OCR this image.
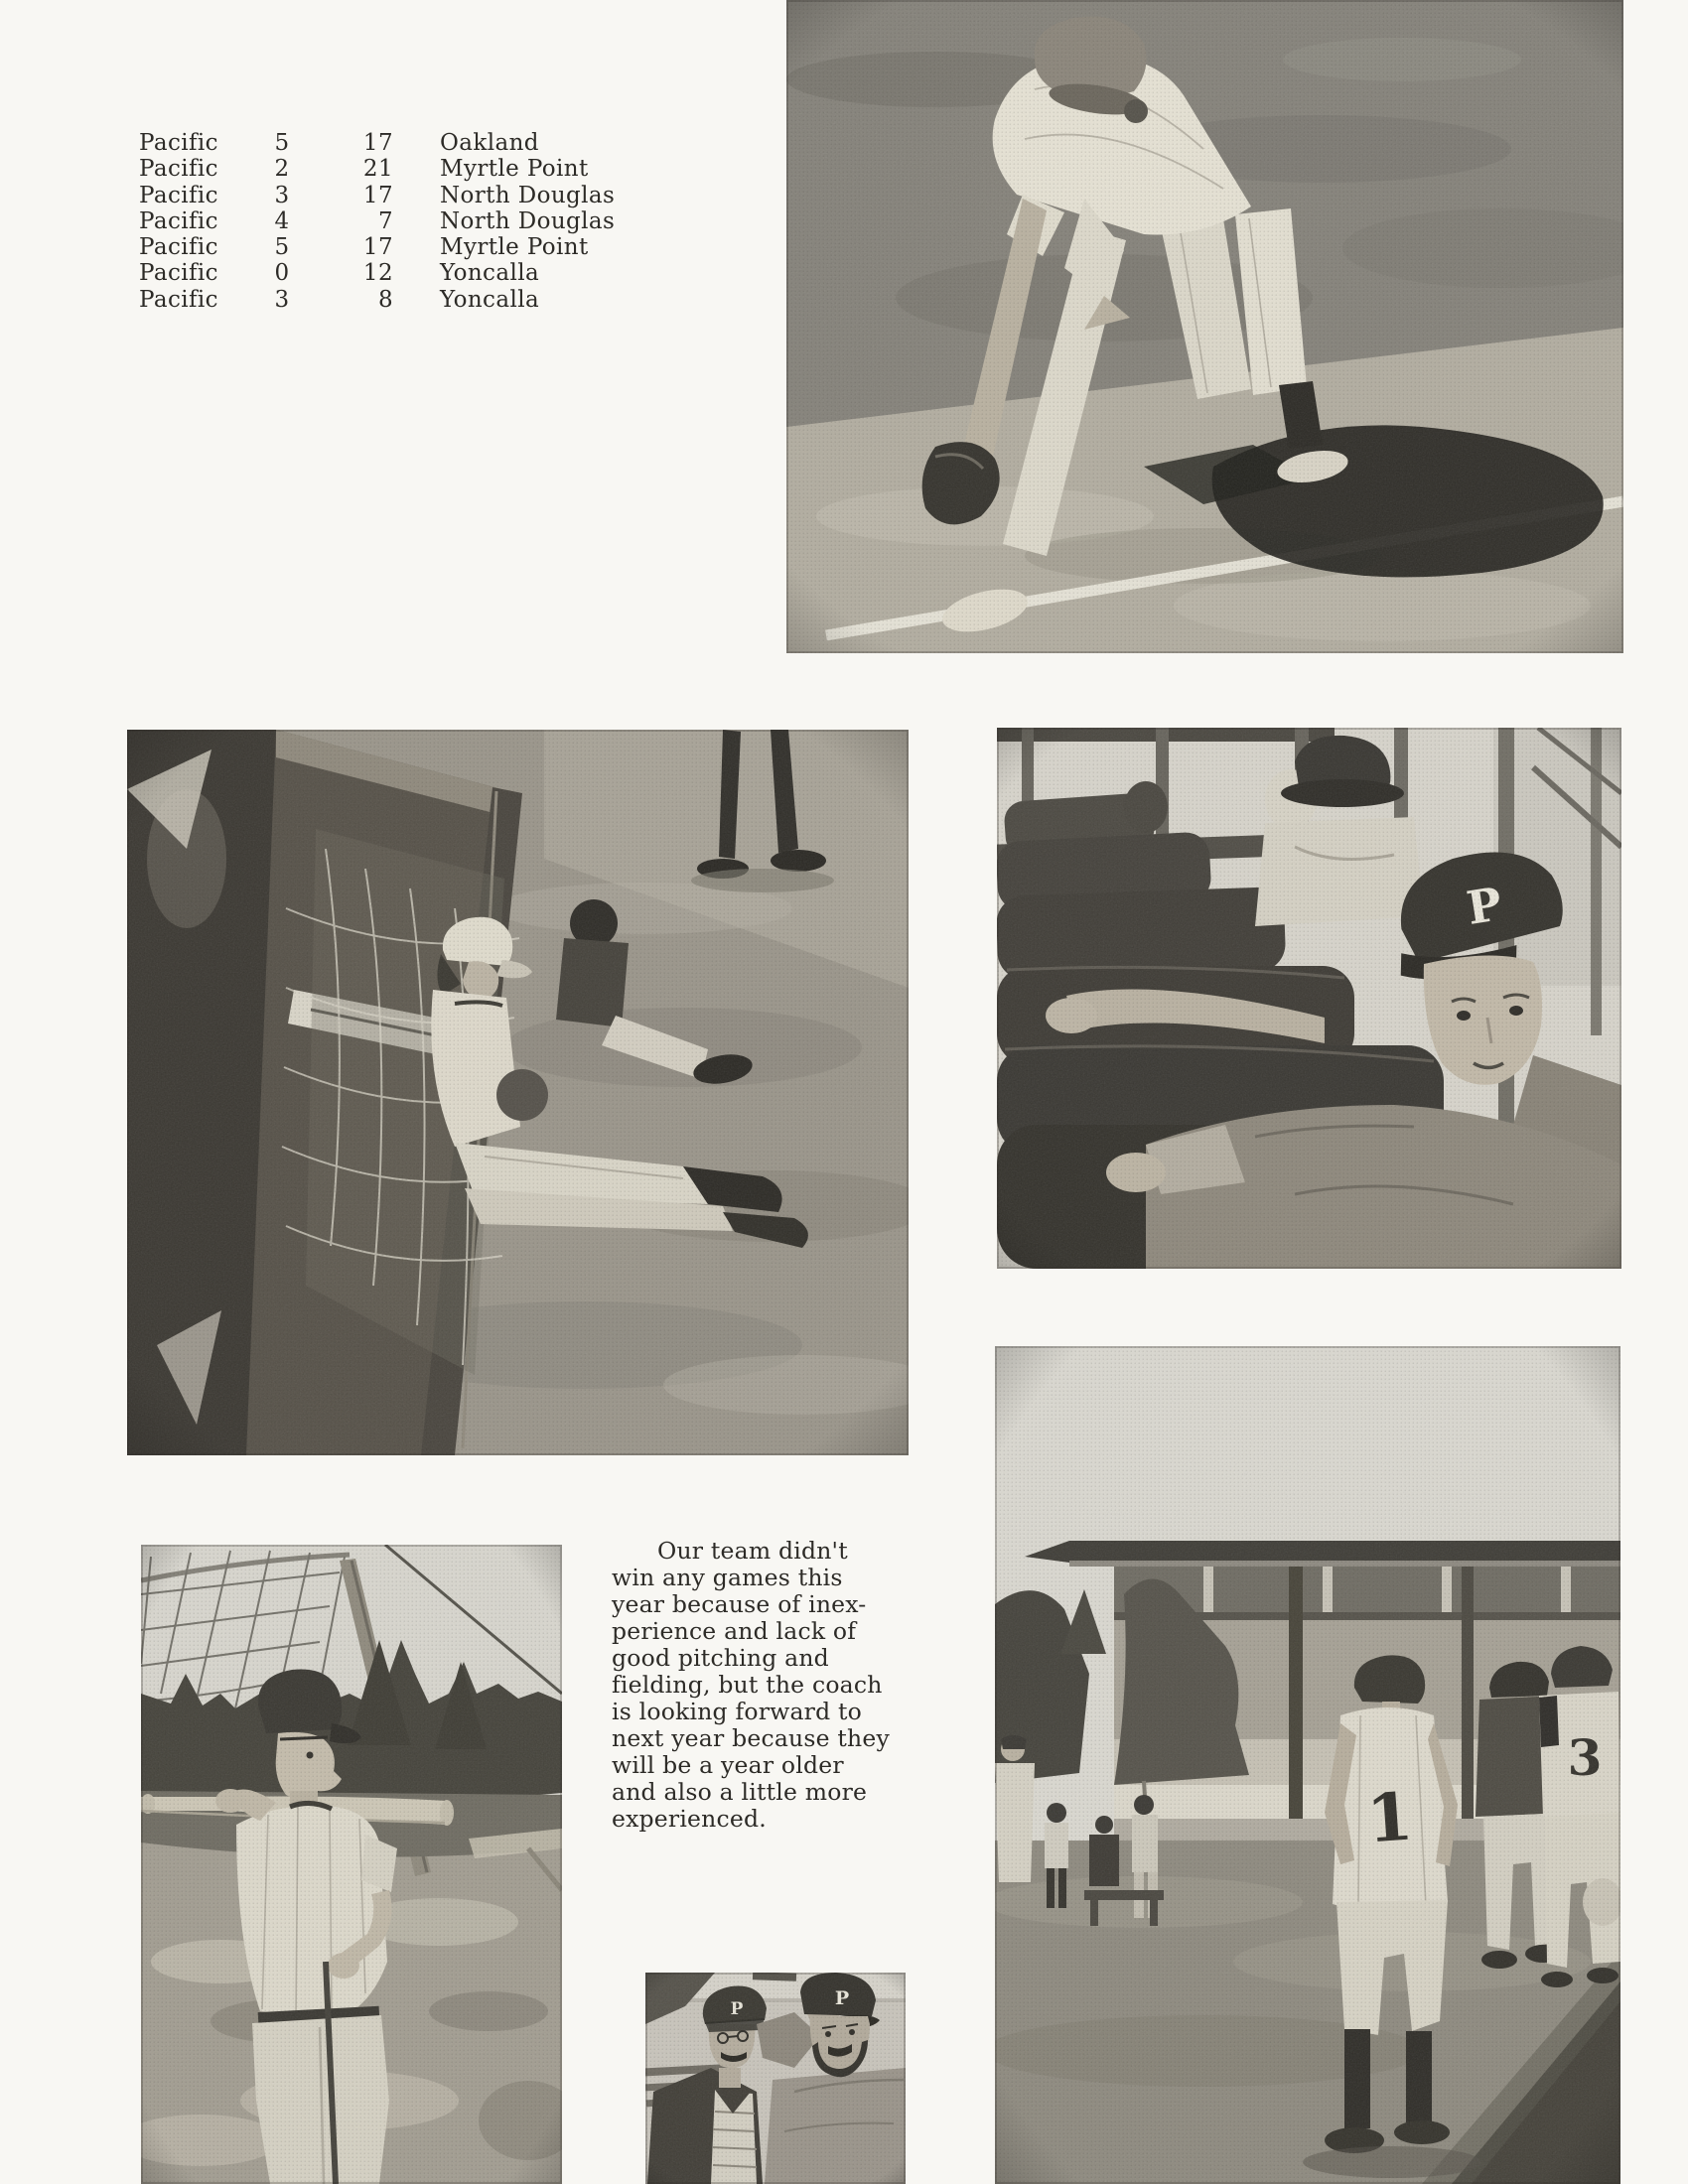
Pacific	5	17 Oakland
Pacific	2	21 Myrtle Point
Pacific	3	17 North Douglas
Pacific	4	7 North Douglas
Pacific	5	17 Myrtle Point
Pacific	0	12 Yoncalla
Pacific	3	8 Yoncalla
Our team didn't
win any games this
year because of inex-
perience and lack of
good pitching and
fielding, but the coach
is looking forward to
next year because they
will be a year older
and also a little more
experienced.
